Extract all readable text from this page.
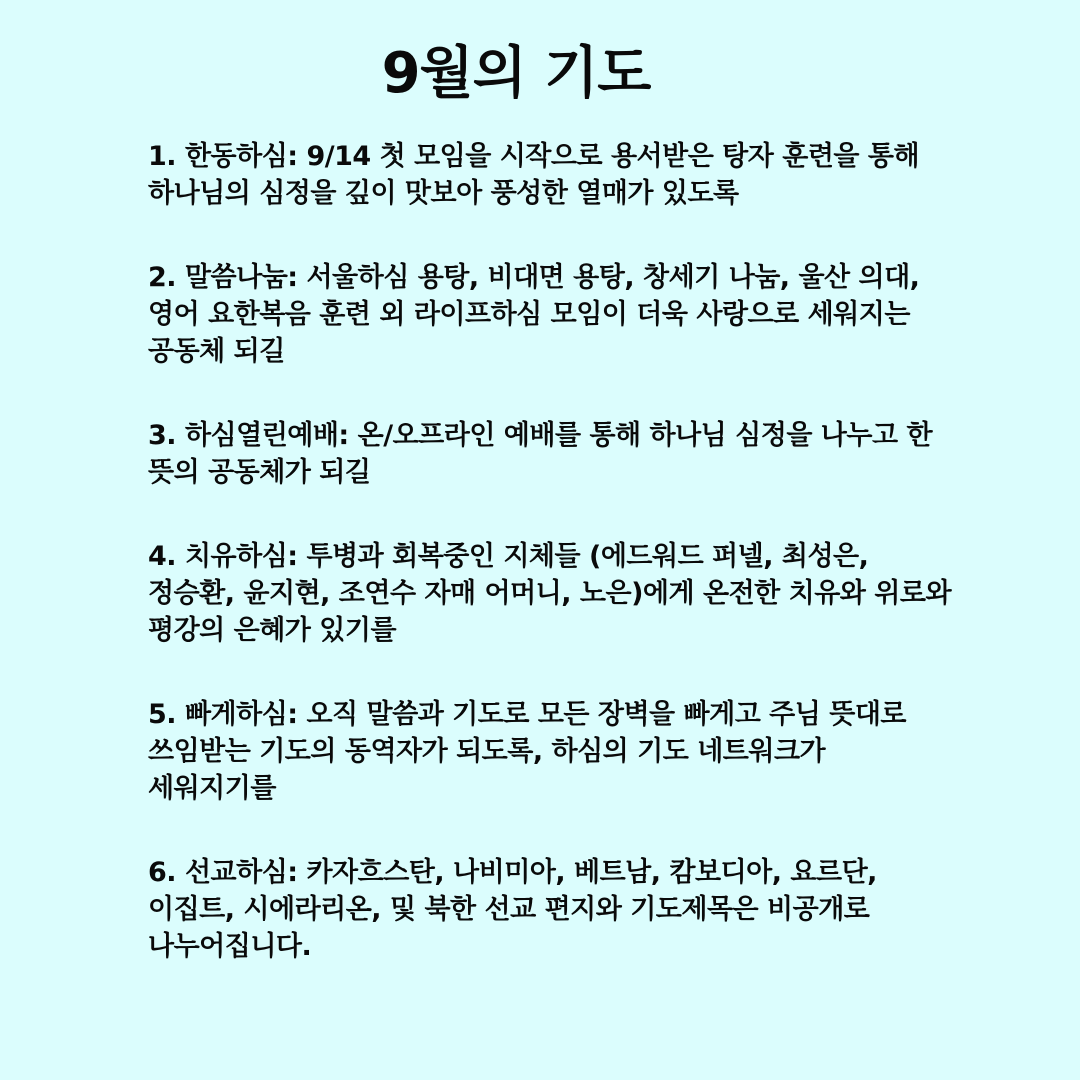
9월의 기도
1. 한동하심: 9/14 첫 모임을 시작으로 용서받은 탕자 훈련을 통해 하나님의 심정을 깊이 맛보아 풍성한 열매가 있도록
2. 말씀나눔: 서울하심 용탕, 비대면 용탕, 창세기 나눔, 울산 의대, 영어 요한복음 훈련 외 라이프하심 모임이 더욱 사랑으로 세워지는 공동체 되길
3. 하심열린예배: 온/오프라인 예배를 통해 하나님 심정을 나누고 한 뜻의 공동체가 되길
4. 치유하심: 투병과 회복중인 지체들 (에드워드 퍼넬, 최성은, 정승환, 윤지현, 조연수 자매 어머니, 노은)에게 온전한 치유와 위로와 평강의 은혜가 있기를
5. 빠게하심: 오직 말씀과 기도로 모든 장벽을 빠게고 주님 뜻대로 쓰임받는 기도의 동역자가 되도록, 하심의 기도 네트워크가 세워지기를
6. 선교하심: 카자흐스탄, 나비미아, 베트남, 캄보디아, 요르단, 이집트, 시에라리온, 및 북한 선교 편지와 기도제목은 비공개로 나누어집니다.
